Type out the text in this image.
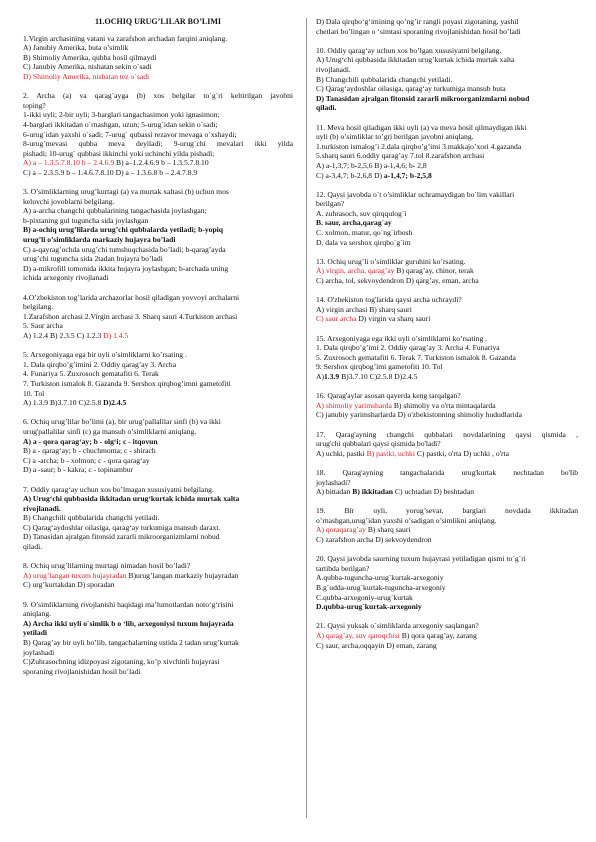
11.OCHIQ URUG’LILAR BO’LIMI
1.Virgin archasining vatani va zarafshon archadan farqini aniqlang.
A) Janubiy Amerika, buta o’simlik
B) Shimoliy Amerika, qubba hosil qilmaydi
C) Janubiy Amerika, nishatan sekin o`sadi
D) Shimoliy Amerika, nisbatan tez o`sadi
2. Archa (a) va qarag`ayga (b) xos belgilar to`g`ri keltirilgan javobni
toping?
1-ikki uyli; 2-bir uyli; 3-barglari tangachasimon yoki ignasimon;
4-barglari ikkitadan o`rnashgan, uzun; 5-urug`idan sekin o`sadi;
6-urug`idan yaxshi o`sadi; 7-urug` qubassi rezavor mevaga o`xshaydi;
8-urug`mevasi qubba meva deyiladi; 9-urug`chi mevalari ikki yilda
pishadi; 10-urug` qubbasi ikkinchi yoki uchinchi yilda pishadi;
A) a – 1.3.5.7.8.10 b – 2.4.6.9 B) a–1.2.4.6.9 b – 1.3.5.7.8.10
C) a – 2.3.5.9 b – 1.4.6.7.8.10 D) a – 1.3.6.8 b – 2.4.7.8.9
3. O’simliklarning urug’kurtagi (a) va murtak xaltasi (b) uchun mos
keluvchi jovoblarni belgilang.
A) a-archa changchi qubbalarining tangachasida joylashgan;
b-pixtaning gul tuguncha sida joylashgan
B) a-ochiq urug’lilarda urug’chi qubbalarda yetiladi; b-yopiq
urug’li o’simliklarda markaziy hujayra bo’ladi
C) a-qayrag’ochda urug’chi tumshuqchasida bo’ladi; b-qarag’ayda
urug’chi tuguncha sida 2tadan hujayra bo’ladi
D) a-mikrofill tomonida ikkita hujayra joylashgan; b-archada uning
ichida arxegoniy rivojlanadi
4.O’zbekiston tog’larida archazorlar hosil qiladigan yovvoyi archalarni
belgilang.
1.Zarafshon archasi 2.Virgin archasi 3. Sharq sauri 4.Turkiston archasi
5. Saur archa
A) 1.2.4 B) 2.3.5 C) 1.2.3 D) 1.4.5
5. Arxegoniyaga ega bir uyli o’simliklarni ko’rsating .
1. Dala qirqbo’g’imini 2. Oddiy qarag’ay 3. Archa
4. Funariya 5. Zuxrosoch gematafiti 6. Terak
7. Turkiston ismalok 8. Gazanda 9. Sershox qirqbog’imni gametofiti
10. Tol
A) 1.3.9 B)3.7.10 C)2.5.8 D)2.4.5
6. Ochiq urug’lilar bo’limi (a), bir urug’pallalilar sinfi (b) va ikki
urug'pallalilar sinfi (c) ga mansub o’simliklarni aniqlang.
A) a - qora qarag‘ay; b - olg‘i; c - itqovun
B) a - qarag‘ay; b - chuchmoma; c - shirach
C) a -archa; b - xolmon; c - qora qarag‘ay
D) a -saur; b - kakra; c - topinambur
7. Oddiy qarag‘ay uchun xos bo’lmagan xususiyatni belgilang.
A) Urug‘chi qubbasida ikkitadan urug‘kurtak ichida murtak xalta
rivojlanadi.
B) Changchili qubbalarida changchi yetiladi.
C) Qarag‘aydoshlar oilasiga, qarag‘ay turkumiga mansub daraxt.
D) Tanasidan ajralgan fitonsid zararli mikroorganizmlarni nobud
qiladi.
8. Ochiq urug’lilarning murtagi nimadan hosil bo’ladi?
A) urug’langan tuxum hujayradan B)urug’langan markaziy hujayradan
C) urg’kurtakdan D) sporadan
9. O’simliklarning rivojlanishi haqidagi ma’lumotlardan noto‘g‘risini
aniqlang.
A) Archa ikki uyli o`simlik b o ‘lib, arxegoniysi tuxum hujayrada
yetiladi
B) Qarag’ay bir uyli bo’lib, tangachalarning ustida 2 tadan urug’kurtak
joylashadi
C)Zuhrasochning idizpoyasi zigotaning, ko’p xivchinli hujayrasi
sporaning rivojlanishidan hosil bo’ladi
D) Dala qirqbo‘g‘imining qo’ng’ir rangli poyasi zigotaning, yashil
chetlari bo’lingan o ‘simtasi sporaning rivojlanishidan hosil bo’ladi
10. Oddiy qarag‘ay uchun xos bo’lgan xususiyatni belgilang.
A) Urug‘chi qubbasida ikkitadan urug’kurtak ichida murtak xalta
rivojlanadi.
B) Changchili qubbalarida changchi yetiladi.
C) Qarag‘aydoshlar oilasiga, qarag‘ay turkumiga mansub buta
D) Tanasidan ajralgan fitonsid zararli mikroorganizmlarni nobud
qiladi.
11. Meva hosil qiladigan ikki uyli (a) va meva hosil qilmaydigan ikki
uyli (b) o’simliklar to’gri berilgan javobni aniqlang.
1.turkiston ismalog’i 2.dala qirqbo’g’imi 3.makkajo’xori 4.gazanda
5.sharq sauri 6.oddiy qarag’ay 7.tol 8.zarafshon archasi
A) a-1,3,7; b-2,5,6 B) a-1,4,6; b- 2,8
C) a-3,4,7; b-2,6,8 D) a-1,4,7; b-2,5,8
12. Qaysi javobda o`t o’simliklar uchramaydigan bo`lim vakillari
berilgan?
A. zuhrasoch, suv qirqqulog`i
B. saur, archa,qarag`ay
C. xolmon, matur, qo`ng`irbosh
D. dala va sershox qirqbo`g`im
13. Ochiq urug’li o’simliklar guruhini ko’rsating.
A) virgin, archa, qarag’ay B) qarag’ay, chinor, terak
C) archa, tol, sekvoydendron D) qarg’ay, eman, archa
14. O'zbekiston tog'larida qaysi archa uchraydi?
A) virgin archasi B) sharq sauri
C) saur archa D) virgin va sharq sauri
15. Arxegoniyaga ega ikki uyli o’simliklarni ko’rsating .
1. Dala qirqbo’g’imi 2. Oddiy qarag’ay 3. Archa 4. Funariya
5. Zuxrosoch gematafiti 6. Terak 7. Turkiston ismalok 8. Gazanda
9. Sershox qirqbog’imi gametofiti 10. Tol
A)1.3.9 B)3.7.10 C)2.5.8 D)2.4.5
16. Qarag'aylar asosan qayerda keng tarqalgan?
A) shimoliy yarimsharda B) shimoliy va o'rta mintaqalarda
C) janubiy yarimsharlarda D) o'zbekistonning shimoliy hududlarida
17. Qarag'ayning changchi qubbalari novdalarining qaysi qismida ,
urug'chi qubbalari qaysi qismida bo'ladi?
A) uchki, pastki B) pastki, uchki C) pastki, o'rta D) uchki , o'rta
18. Qarag'ayning tangachalarida urug'kurtak nechtadan bo'lib
joylashadi?
A) bittadan B) ikkitadan C) uchtadan D) beshtadan
19. Bir uyli, yorug’sevar, barglari novdada ikkitadan
o’rnashgan,urug’idan yaxshi o’sadigan o’simlikni aniqlang.
A) qoraqarag’ay B) sharq sauri
C) zarafshon archa D) sekvoydendron
20. Qaysi javobda saurning tuxum hujayrasi yetiladigan qismi to`g`ri
tartibda berilgan?
A.qubba-tuguncha-urug`kurtak-arxegoniy
B.g`udda-urug`kurtak-tuguncha-arxegoniy
C.qubba-arxegoniy-urug`kurtak
D.qubba-urug`kurtak-arxegoniy
21. Qaysi yuksak o`simliklarda arxegoniy saqlangan?
A) qarag’ay, suv qaroqchisi B) qora qarag’ay, zarang
C) saur, archa,oqqayin D) eman, zarang
